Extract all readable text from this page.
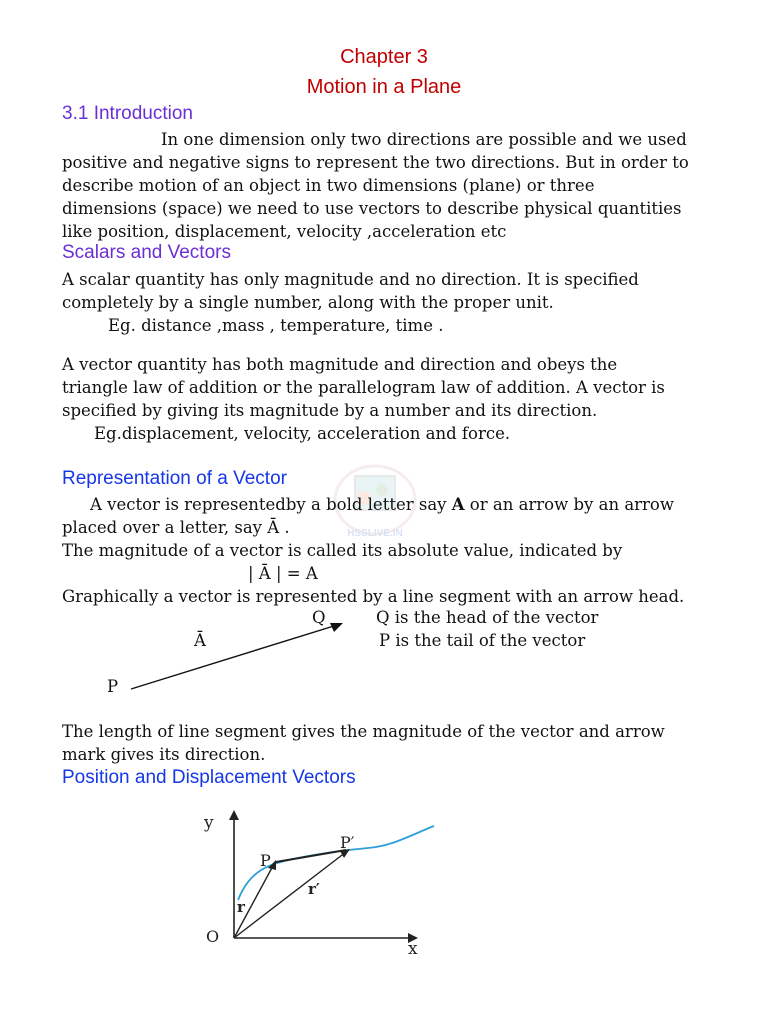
Chapter 3
Motion in a Plane
3.1 Introduction
In one dimension only two directions are possible and we used
positive and negative signs to represent the two directions. But in order to
describe motion of an object in two dimensions (plane) or three
dimensions (space) we need to use vectors to describe physical quantities
like position, displacement, velocity ,acceleration etc
Scalars and Vectors
A scalar quantity has only magnitude and no direction. It is specified
completely by a single number, along with the proper unit.
Eg. distance ,mass , temperature, time .
A vector quantity has both magnitude and direction and obeys the
triangle law of addition or the parallelogram law of addition. A vector is
specified by giving its magnitude by a number and its direction.
Eg.displacement, velocity, acceleration and force.
HSSLIVE.IN
Representation of a Vector
A vector is representedby a bold letter say A or an arrow by an arrow
placed over a letter, say Ā .
The magnitude of a vector is called its absolute value, indicated by
| Ā | = A
Graphically a vector is represented by a line segment with an arrow head.
Q	Q is the head of the vector
Ā	P is the tail of the vector
P
The length of line segment gives the magnitude of the vector and arrow
mark gives its direction.
Position and Displacement Vectors
y
x
O
P
P′
r
r′
